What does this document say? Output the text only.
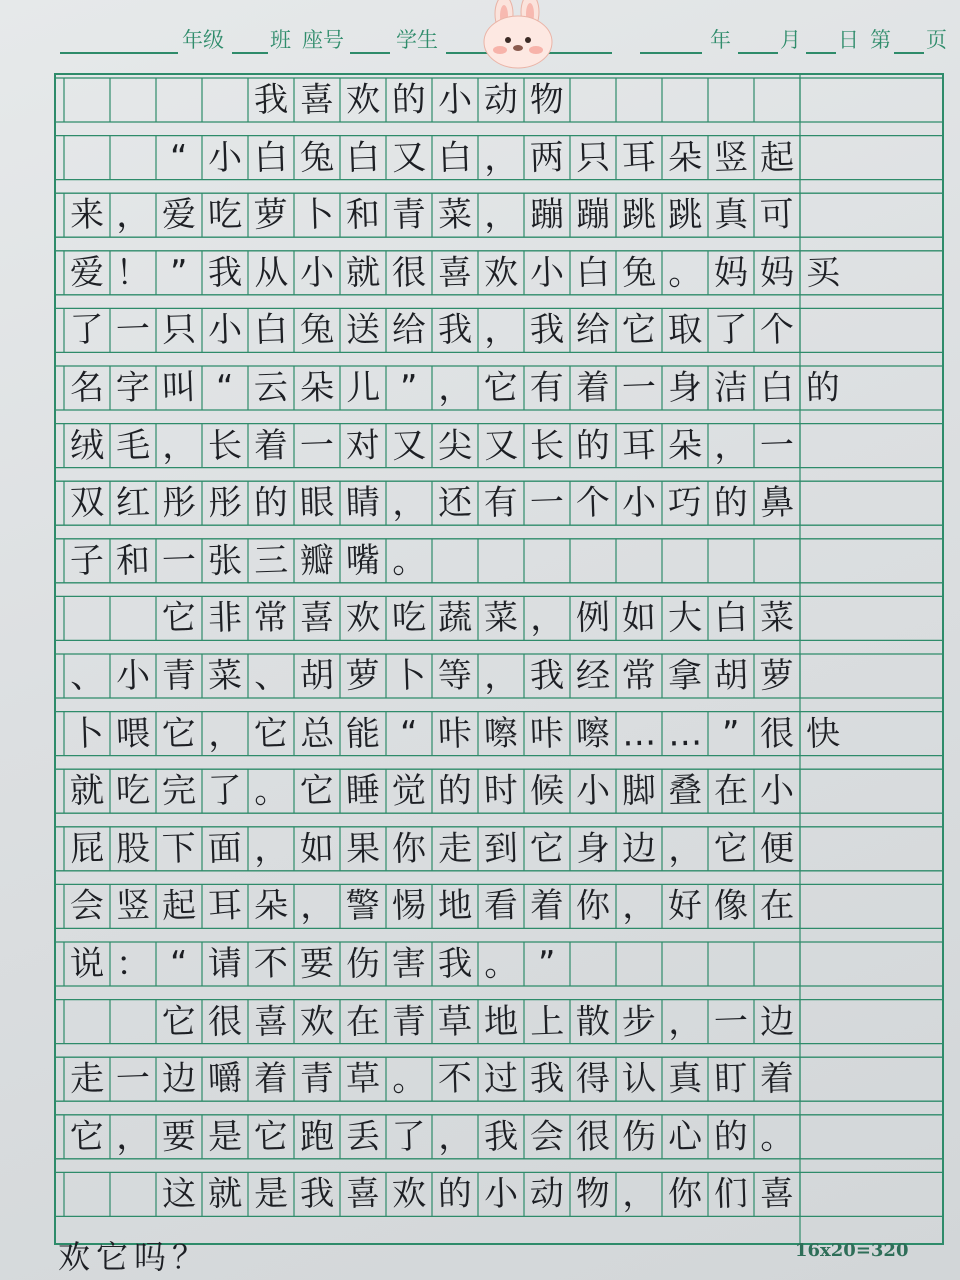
年级 班 座号 学生	年 月 日 第 页
我 喜 欢 的 小 动 物
“ 小 白 兔 白 又 白 ， 两 只 耳 朵 竖 起
来 ， 爱 吃 萝 卜 和 青 菜 ， 蹦 蹦 跳 跳 真 可
爱 ！ ” 我 从 小 就 很 喜 欢 小 白 兔 。 妈 妈 买
了 一 只 小 白 兔 送 给 我 ， 我 给 它 取 了 个
名 字 叫 “ 云 朵 儿 ” ， 它 有 着 一 身 洁 白 的
绒 毛 ， 长 着 一 对 又 尖 又 长 的 耳 朵 ， 一
双 红 彤 彤 的 眼 睛 ， 还 有 一 个 小 巧 的 鼻
子 和 一 张 三 瓣 嘴 。
它 非 常 喜 欢 吃 蔬 菜 ， 例 如 大 白 菜
、 小 青 菜 、 胡 萝 卜 等 ， 我 经 常 拿 胡 萝
卜 喂 它 ， 它 总 能 “ 咔 嚓 咔 嚓 … … ” 很 快
就 吃 完 了 。 它 睡 觉 的 时 候 小 脚 叠 在 小
屁 股 下 面 ， 如 果 你 走 到 它 身 边 ， 它 便
会 竖 起 耳 朵 ， 警 惕 地 看 着 你 ， 好 像 在
说 ： “ 请 不 要 伤 害 我 。 ”
它 很 喜 欢 在 青 草 地 上 散 步 ， 一 边
走 一 边 嚼 着 青 草 。 不 过 我 得 认 真 盯 着
它 ， 要 是 它 跑 丢 了 ， 我 会 很 伤 心 的 。
这 就 是 我 喜 欢 的 小 动 物 ， 你 们 喜
欢它吗？	16x20=320
